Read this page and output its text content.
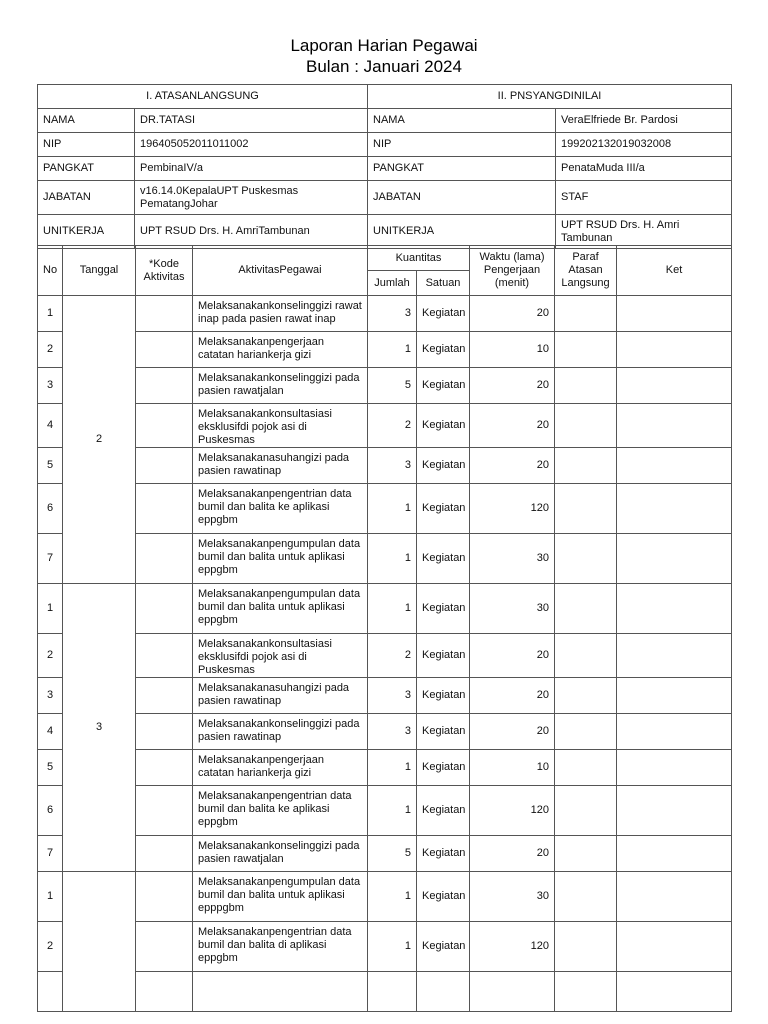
Laporan Harian Pegawai
Bulan : Januari 2024
I. ATASANLANGSUNG		II. PNSYANGDINILAI	
NAMA	DR.TATASI	NAMA	VeraElfriede Br. Pardosi
NIP	196405052011011002	NIP	199202132019032008
PANGKAT	PembinaIV/a	PANGKAT	PenataMuda III/a
JABATAN	v16.14.0KepalaUPT Puskesmas PematangJohar	JABATAN	STAF
UNITKERJA	UPT RSUD Drs. H. AmriTambunan	UNITKERJA	UPT RSUD Drs. H. Amri Tambunan
No	Tanggal	*Kode Aktivitas	AktivitasPegawai	Kuantitas		Waktu (lama) Pengerjaan (menit)	Paraf Atasan Langsung	Ket
				Jumlah	Satuan			
1	2		Melaksanakankonselinggizi rawat inap pada pasien rawat inap	3	Kegiatan	20		
2			Melaksanakanpengerjaan catatan hariankerja gizi	1	Kegiatan	10		
3			Melaksanakankonselinggizi pada pasien rawatjalan	5	Kegiatan	20		
4			Melaksanakankonsultasiasi eksklusifdi pojok asi di Puskesmas	2	Kegiatan	20		
5			Melaksanakanasuhangizi pada pasien rawatinap	3	Kegiatan	20		
6			Melaksanakanpengentrian data bumil dan balita ke aplikasi eppgbm	1	Kegiatan	120		
7			Melaksanakanpengumpulan data bumil dan balita untuk aplikasi eppgbm	1	Kegiatan	30		
1	3		Melaksanakanpengumpulan data bumil dan balita untuk aplikasi eppgbm	1	Kegiatan	30		
2			Melaksanakankonsultasiasi eksklusifdi pojok asi di Puskesmas	2	Kegiatan	20		
3			Melaksanakanasuhangizi pada pasien rawatinap	3	Kegiatan	20		
4			Melaksanakankonselinggizi pada pasien rawatinap	3	Kegiatan	20		
5			Melaksanakanpengerjaan catatan hariankerja gizi	1	Kegiatan	10		
6			Melaksanakanpengentrian data bumil dan balita ke aplikasi eppgbm	1	Kegiatan	120		
7			Melaksanakankonselinggizi pada pasien rawatjalan	5	Kegiatan	20		
1			Melaksanakanpengumpulan data bumil dan balita untuk aplikasi epppgbm	1	Kegiatan	30		
2			Melaksanakanpengentrian data bumil dan balita di aplikasi eppgbm	1	Kegiatan	120		
